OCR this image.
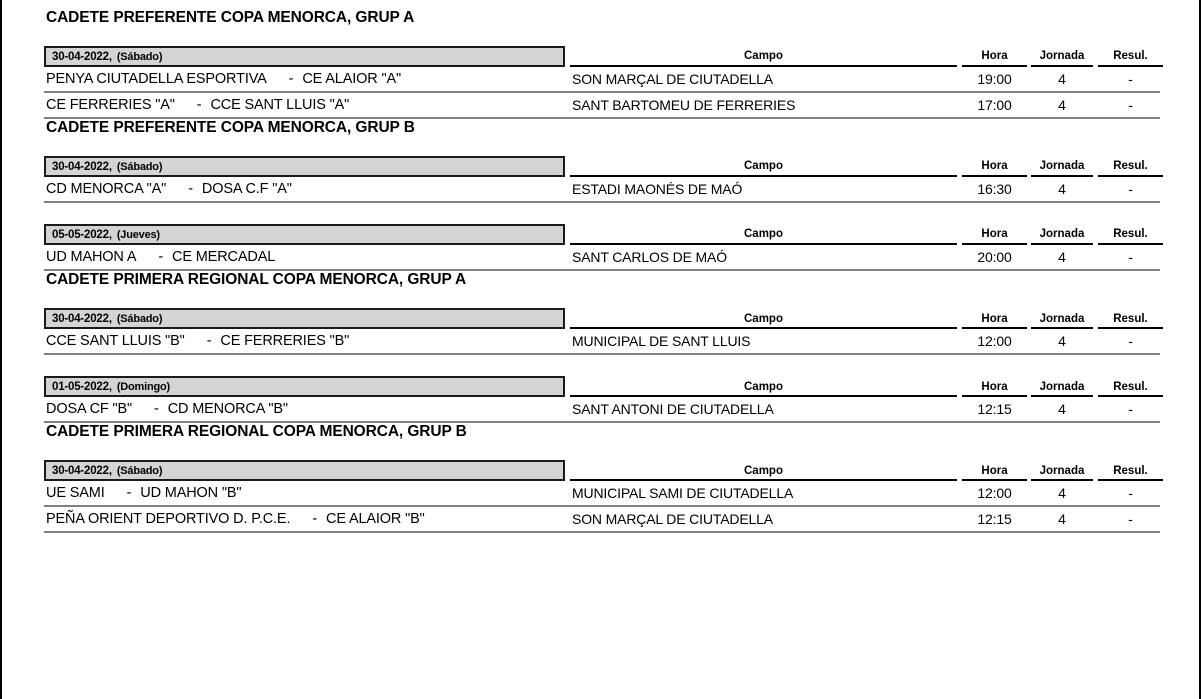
CADETE PREFERENTE COPA MENORCA, GRUP A
30-04-2022, (Sábado)	Campo	Hora	Jornada	Resul.
PENYA CIUTADELLA ESPORTIVA	- CE ALAIOR "A"	SON MARÇAL DE CIUTADELLA	19:00	4	-
CE FERRERIES "A"	- CCE SANT LLUIS "A"	SANT BARTOMEU DE FERRERIES	17:00	4	-
CADETE PREFERENTE COPA MENORCA, GRUP B
30-04-2022, (Sábado)	Campo	Hora	Jornada	Resul.
CD MENORCA "A"	- DOSA C.F "A"	ESTADI MAONÉS DE MAÓ	16:30	4	-
05-05-2022, (Jueves)	Campo	Hora	Jornada	Resul.
UD MAHON A	- CE MERCADAL	SANT CARLOS DE MAÓ	20:00	4	-
CADETE PRIMERA REGIONAL COPA MENORCA, GRUP A
30-04-2022, (Sábado)	Campo	Hora	Jornada	Resul.
CCE SANT LLUIS "B"	- CE FERRERIES "B"	MUNICIPAL DE SANT LLUIS	12:00	4	-
01-05-2022, (Domingo)	Campo	Hora	Jornada	Resul.
DOSA CF "B"	- CD MENORCA "B"	SANT ANTONI DE CIUTADELLA	12:15	4	-
CADETE PRIMERA REGIONAL COPA MENORCA, GRUP B
30-04-2022, (Sábado)	Campo	Hora	Jornada	Resul.
UE SAMI	- UD MAHON "B"	MUNICIPAL SAMI DE CIUTADELLA	12:00	4	-
PEÑA ORIENT DEPORTIVO D. P.C.E.	- CE ALAIOR "B"	SON MARÇAL DE CIUTADELLA	12:15	4	-
